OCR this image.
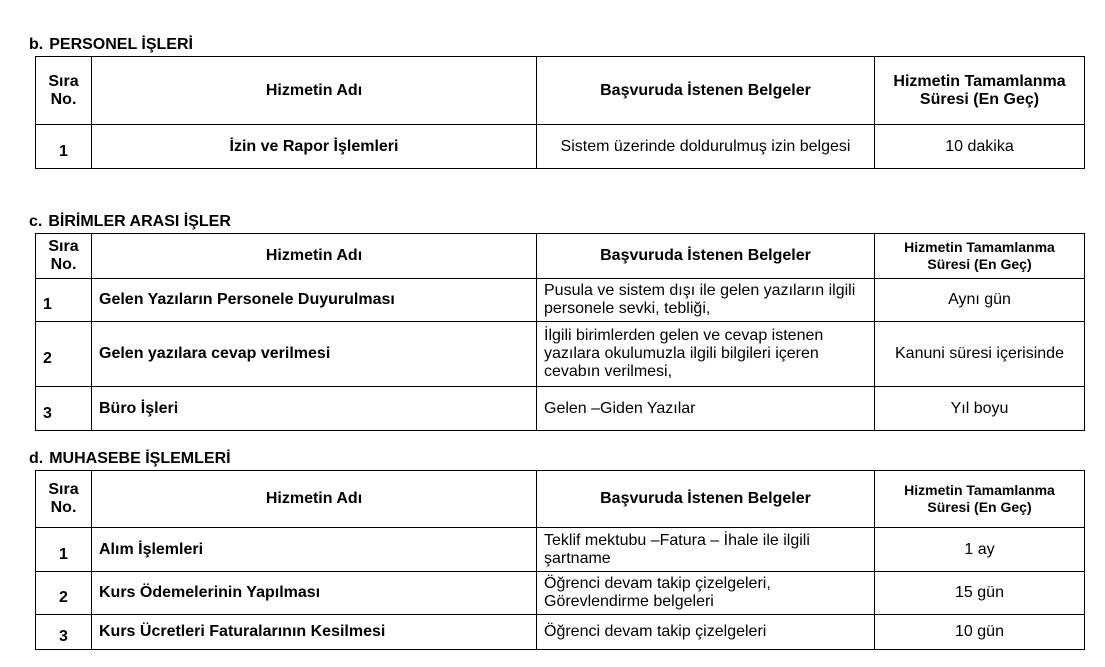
b. PERSONEL İŞLERİ
Sıra No.	Hizmetin Adı	Başvuruda İstenen Belgeler	Hizmetin Tamamlanma Süresi (En Geç)
1	İzin ve Rapor İşlemleri	Sistem üzerinde doldurulmuş izin belgesi	10 dakika
c. BİRİMLER ARASI İŞLER
Sıra No.	Hizmetin Adı	Başvuruda İstenen Belgeler	Hizmetin Tamamlanma Süresi (En Geç)
1	Gelen Yazıların Personele Duyurulması	Pusula ve sistem dışı ile gelen yazıların ilgili personele sevki, tebliği,	Aynı gün
2	Gelen yazılara cevap verilmesi	İlgili birimlerden gelen ve cevap istenen yazılara okulumuzla ilgili bilgileri içeren cevabın verilmesi,	Kanuni süresi içerisinde
3	Büro İşleri	Gelen –Giden Yazılar	Yıl boyu
d. MUHASEBE İŞLEMLERİ
Sıra No.	Hizmetin Adı	Başvuruda İstenen Belgeler	Hizmetin Tamamlanma Süresi (En Geç)
1	Alım İşlemleri	Teklif mektubu –Fatura – İhale ile ilgili şartname	1 ay
2	Kurs Ödemelerinin Yapılması	Öğrenci devam takip çizelgeleri, Görevlendirme belgeleri	15 gün
3	Kurs Ücretleri Faturalarının Kesilmesi	Öğrenci devam takip çizelgeleri	10 gün
